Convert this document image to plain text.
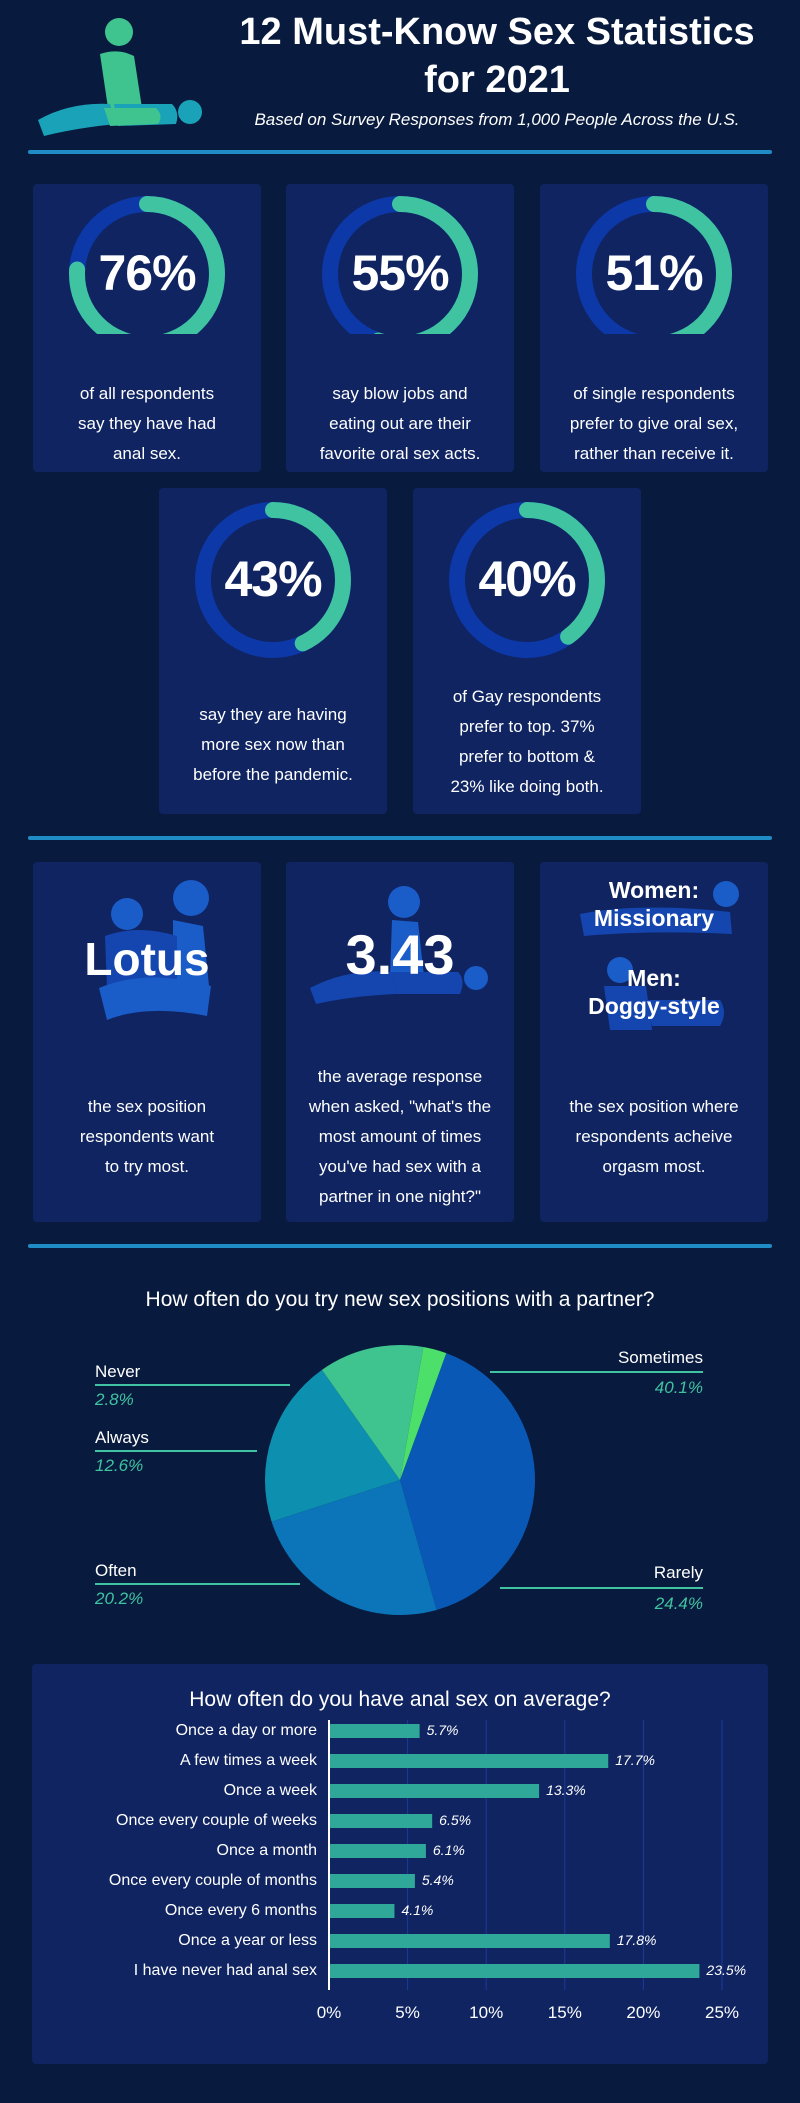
12 Must-Know Sex Statistics
for 2021
Based on Survey Responses from 1,000 People Across the U.S.
76%
of all respondents
say they have had
anal sex.
55%
say blow jobs and
eating out are their
favorite oral sex acts.
51%
of single respondents
prefer to give oral sex,
rather than receive it.
43%
say they are having
more sex now than
before the pandemic.
40%
of Gay respondents
prefer to top. 37%
prefer to bottom &
23% like doing both.
Lotus
the sex position
respondents want
to try most.
3.43
the average response
when asked, "what's the
most amount of times
you've had sex with a
partner in one night?"
Women:
Missionary
Men:
Doggy-style
the sex position where
respondents acheive
orgasm most.
How often do you try new sex positions with a partner?
Never
2.8%
Always
12.6%
Often
20.2%
Sometimes
40.1%
Rarely
24.4%
How often do you have anal sex on average?
0%	5%	10%	15%	20%	25%
Once a day or more	5.7%
A few times a week	17.7%
Once a week	13.3%
Once every couple of weeks	6.5%
Once a month	6.1%
Once every couple of months	5.4%
Once every 6 months	4.1%
Once a year or less	17.8%
I have never had anal sex	23.5%
